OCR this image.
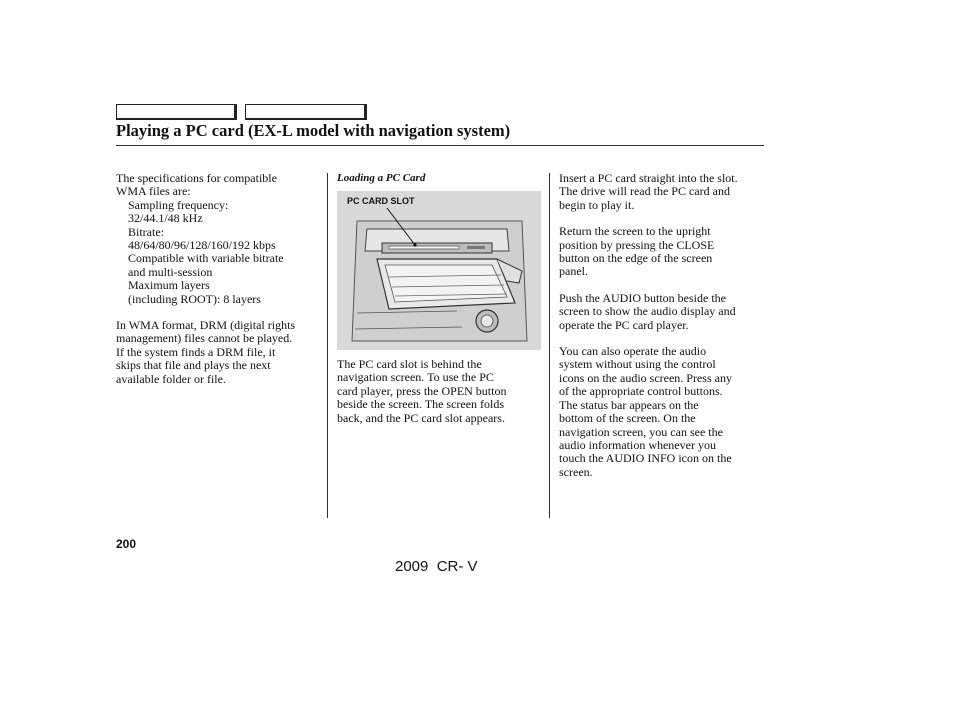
Playing a PC card (EX-L model with navigation system)

The specifications for compatible
WMA files are:

Sampling frequency:
32/44.1/48 kHz
Bitrate:
48/64/80/96/128/160/192 kbps
Compatible with variable bitrate
and multi-session
Maximum layers
(including ROOT): 8 layers

In WMA format, DRM (digital rights
management) files cannot be played.
If the system finds a DRM file, it
skips that file and plays the next
available folder or file.

Loading a PC Card
PC CARD SLOT

The PC card slot is behind the
navigation screen. To use the PC
card player, press the OPEN button
beside the screen. The screen folds
back, and the PC card slot appears.

Insert a PC card straight into the slot.
The drive will read the PC card and
begin to play it.

Return the screen to the upright
position by pressing the CLOSE
button on the edge of the screen
panel.

Push the AUDIO button beside the
screen to show the audio display and
operate the PC card player.

You can also operate the audio
system without using the control
icons on the audio screen. Press any
of the appropriate control buttons.
The status bar appears on the
bottom of the screen. On the
navigation screen, you can see the
audio information whenever you
touch the AUDIO INFO icon on the
screen.

200
2009  CR- V
